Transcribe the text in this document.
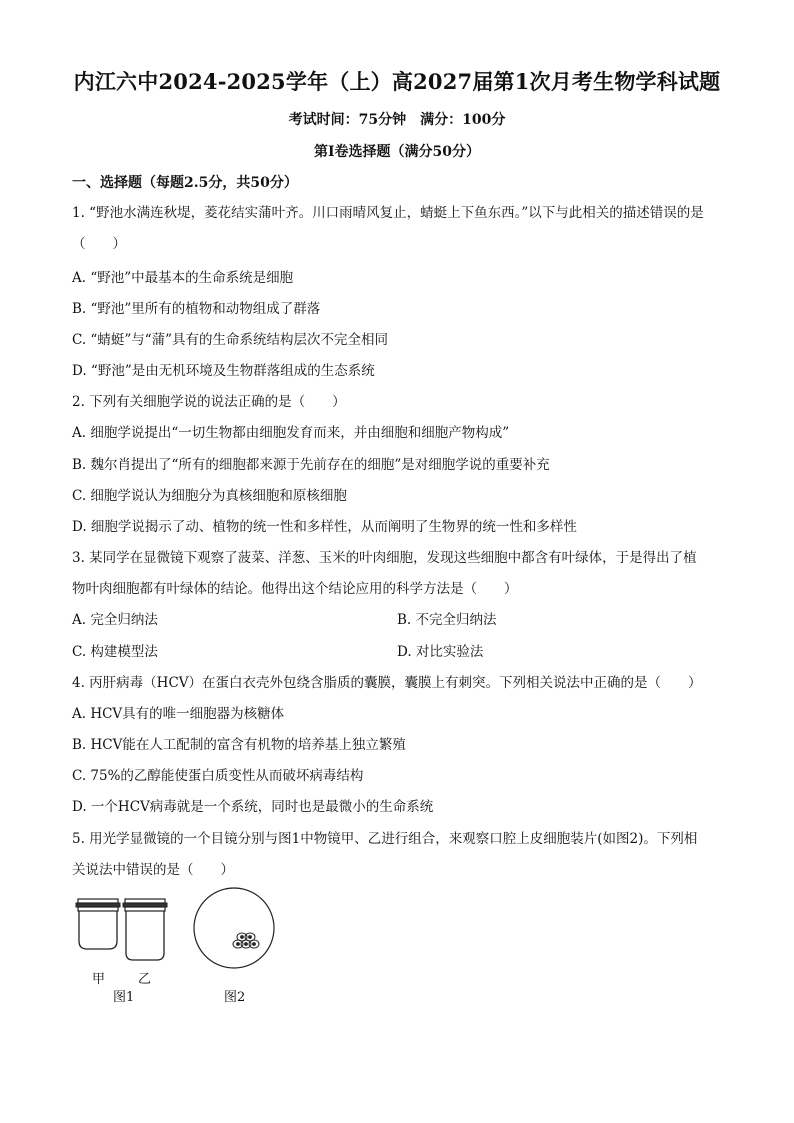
内江六中2024-2025学年（上）高2027届第1次月考生物学科试题
考试时间：75分钟　满分：100分
第Ⅰ卷选择题（满分50分）
一、选择题（每题2.5分，共50分）
1. “野池水满连秋堤，菱花结实蒲叶齐。川口雨晴风复止，蜻蜓上下鱼东西。”以下与此相关的描述错误的是（　　）
A. “野池”中最基本的生命系统是细胞
B. “野池”里所有的植物和动物组成了群落
C. “蜻蜓”与“蒲”具有的生命系统结构层次不完全相同
D. “野池”是由无机环境及生物群落组成的生态系统
2. 下列有关细胞学说的说法正确的是（　　）
A. 细胞学说提出“一切生物都由细胞发育而来，并由细胞和细胞产物构成”
B. 魏尔肖提出了“所有的细胞都来源于先前存在的细胞”是对细胞学说的重要补充
C. 细胞学说认为细胞分为真核细胞和原核细胞
D. 细胞学说揭示了动、植物的统一性和多样性，从而阐明了生物界的统一性和多样性
3. 某同学在显微镜下观察了菠菜、洋葱、玉米的叶肉细胞，发现这些细胞中都含有叶绿体，于是得出了植
物叶肉细胞都有叶绿体的结论。他得出这个结论应用的科学方法是（　　）
A. 完全归纳法	B. 不完全归纳法
C. 构建模型法	D. 对比实验法
4. 丙肝病毒（HCV）在蛋白衣壳外包绕含脂质的囊膜，囊膜上有刺突。下列相关说法中正确的是（　　）
A. HCV具有的唯一细胞器为核糖体
B. HCV能在人工配制的富含有机物的培养基上独立繁殖
C. 75%的乙醇能使蛋白质变性从而破坏病毒结构
D. 一个HCV病毒就是一个系统，同时也是最微小的生命系统
5. 用光学显微镜的一个目镜分别与图1中物镜甲、乙进行组合，来观察口腔上皮细胞装片(如图2)。下列相
关说法中错误的是（　　）
甲	乙
图1	图2
